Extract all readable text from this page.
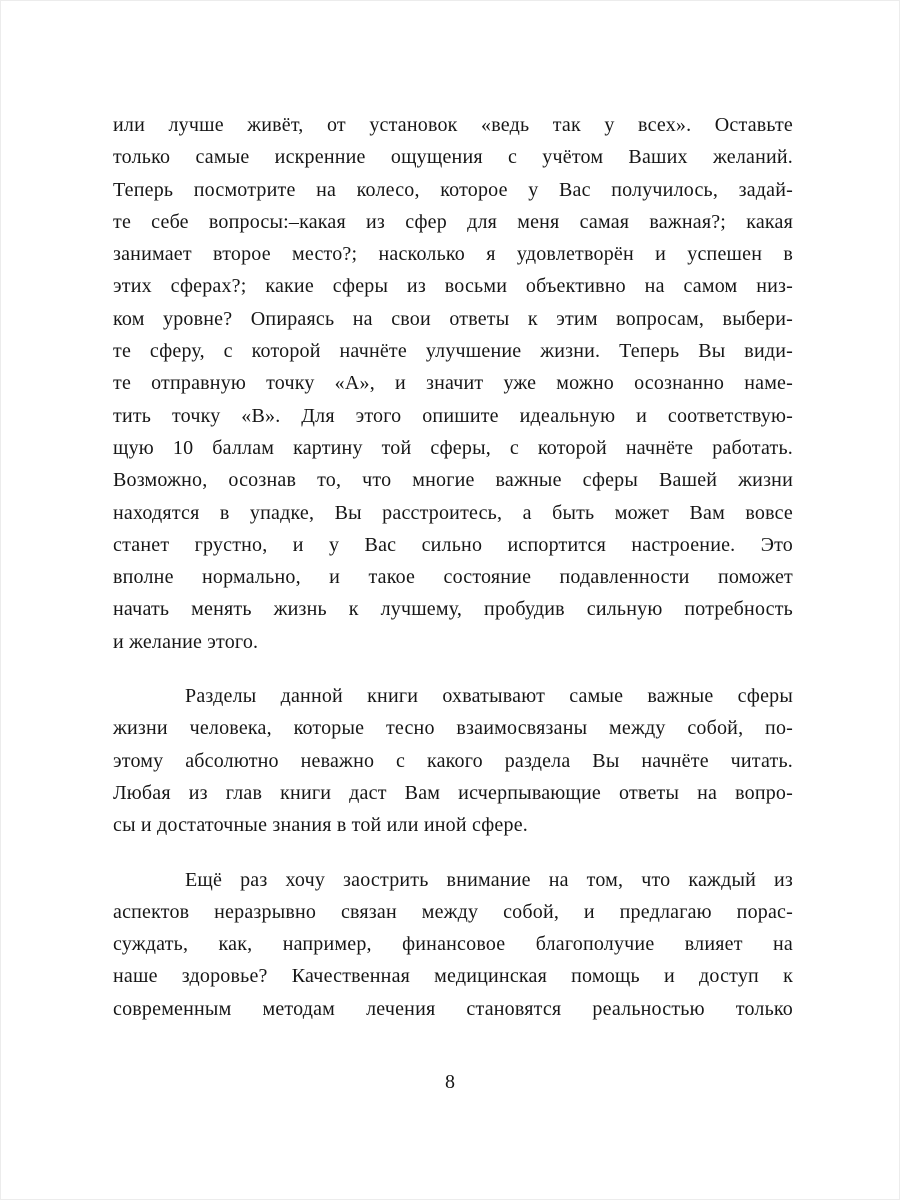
или лучше живёт, от установок «ведь так у всех». Оставьте
только самые искренние ощущения с учётом Ваших желаний.
Теперь посмотрите на колесо, которое у Вас получилось, задай-
те себе вопросы:–какая из сфер для меня самая важная?; какая
занимает второе место?; насколько я удовлетворён и успешен в
этих сферах?; какие сферы из восьми объективно на самом низ-
ком уровне? Опираясь на свои ответы к этим вопросам, выбери-
те сферу, с которой начнёте улучшение жизни. Теперь Вы види-
те отправную точку «А», и значит уже можно осознанно наме-
тить точку «В». Для этого опишите идеальную и соответствую-
щую 10 баллам картину той сферы, с которой начнёте работать.
Возможно, осознав то, что многие важные сферы Вашей жизни
находятся в упадке, Вы расстроитесь, а быть может Вам вовсе
станет грустно, и у Вас сильно испортится настроение. Это
вполне нормально, и такое состояние подавленности поможет
начать менять жизнь к лучшему, пробудив сильную потребность
и желание этого.
Разделы данной книги охватывают самые важные сферы
жизни человека, которые тесно взаимосвязаны между собой, по-
этому абсолютно неважно с какого раздела Вы начнёте читать.
Любая из глав книги даст Вам исчерпывающие ответы на вопро-
сы и достаточные знания в той или иной сфере.
Ещё раз хочу заострить внимание на том, что каждый из
аспектов неразрывно связан между собой, и предлагаю порас-
суждать, как, например, финансовое благополучие влияет на
наше здоровье? Качественная медицинская помощь и доступ к
современным методам лечения становятся реальностью только
8
